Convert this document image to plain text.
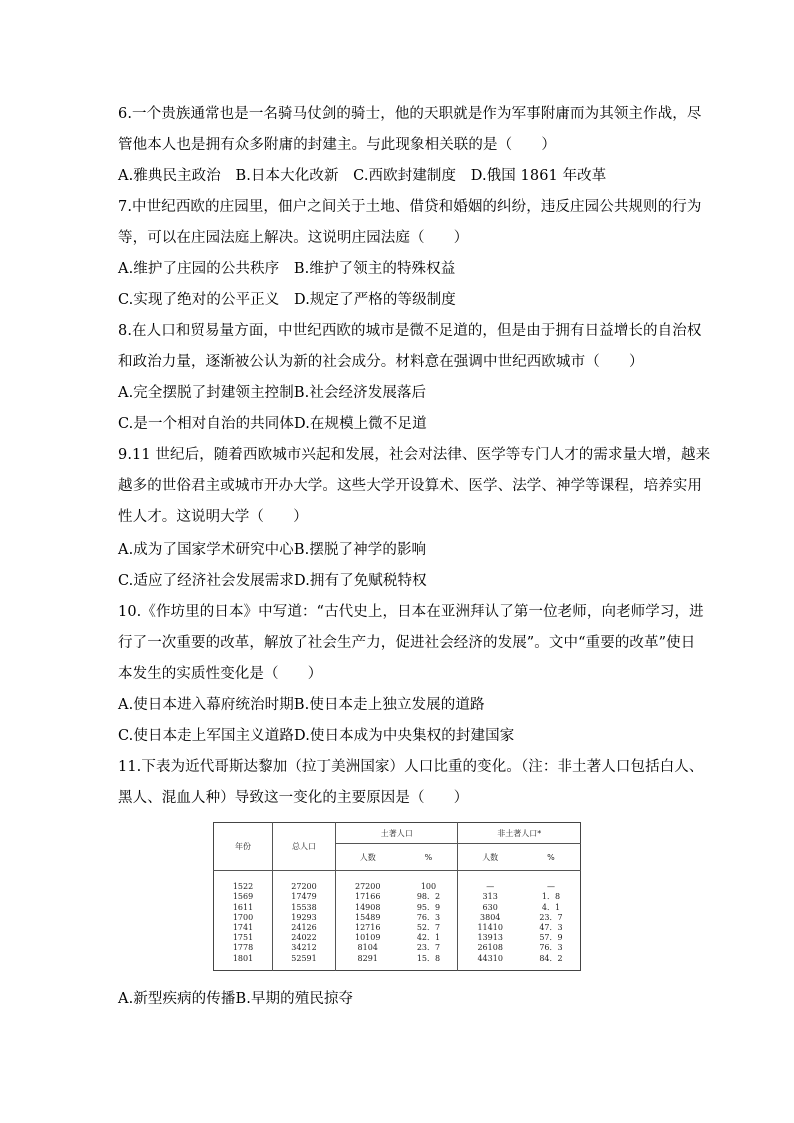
6.一个贵族通常也是一名骑马仗剑的骑士，他的天职就是作为军事附庸而为其领主作战，尽
管他本人也是拥有众多附庸的封建主。与此现象相关联的是（　　）
A.雅典民主政治　B.日本大化改新　C.西欧封建制度　D.俄国 1861 年改革
7.中世纪西欧的庄园里，佃户之间关于土地、借贷和婚姻的纠纷，违反庄园公共规则的行为
等，可以在庄园法庭上解决。这说明庄园法庭（　　）
A.维护了庄园的公共秩序　B.维护了领主的特殊权益
C.实现了绝对的公平正义　D.规定了严格的等级制度
8.在人口和贸易量方面，中世纪西欧的城市是微不足道的，但是由于拥有日益增长的自治权
和政治力量，逐渐被公认为新的社会成分。材料意在强调中世纪西欧城市（　　）
A.完全摆脱了封建领主控制B.社会经济发展落后
C.是一个相对自治的共同体D.在规模上微不足道
9.11 世纪后，随着西欧城市兴起和发展，社会对法律、医学等专门人才的需求量大增，越来
越多的世俗君主或城市开办大学。这些大学开设算术、医学、法学、神学等课程，培养实用
性人才。这说明大学（　　）
A.成为了国家学术研究中心B.摆脱了神学的影响
C.适应了经济社会发展需求D.拥有了免赋税特权
10.《作坊里的日本》中写道：“古代史上，日本在亚洲拜认了第一位老师，向老师学习，进
行了一次重要的改革，解放了社会生产力，促进社会经济的发展”。文中“重要的改革”使日
本发生的实质性变化是（　　）
A.使日本进入幕府统治时期B.使日本走上独立发展的道路
C.使日本走上军国主义道路D.使日本成为中央集权的封建国家
11.下表为近代哥斯达黎加（拉丁美洲国家）人口比重的变化。（注：非土著人口包括白人、
黑人、混血人种）导致这一变化的主要原因是（　　）
年份	总人口	土著人口		非土著人口*	
		人数	%	人数	%
1522	27200	27200	100	—	—
1569	17479	17166	98．2	313	1．8
1611	15538	14908	95．9	630	4．1
1700	19293	15489	76．3	3804	23．7
1741	24126	12716	52．7	11410	47．3
1751	24022	10109	42．1	13913	57．9
1778	34212	8104	23．7	26108	76．3
1801	52591	8291	15．8	44310	84．2
A.新型疾病的传播B.早期的殖民掠夺
